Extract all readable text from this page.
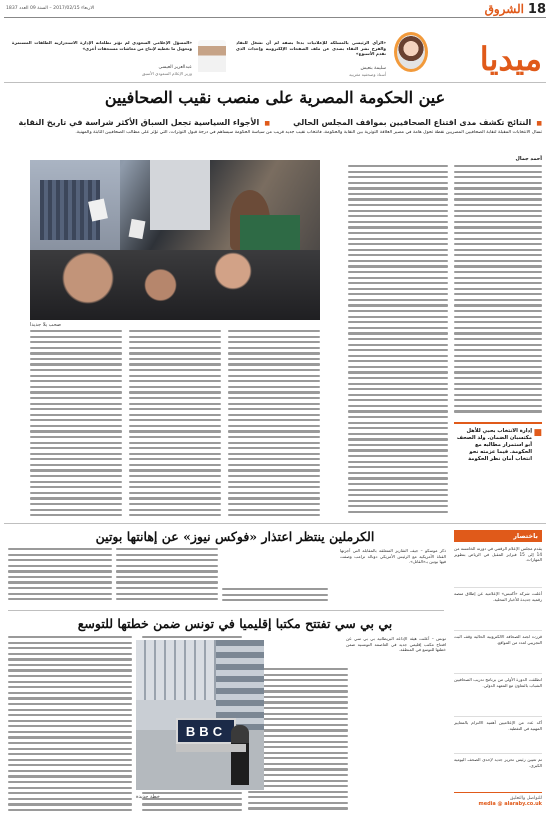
18
الشروق
الاربعاء 2017/02/15 – السنة 09 العدد 1837
ميديا
«الرأي الرئيسي بالمسلكة للإعلانيات بدءا بصفة لم أن تشغل للنقاد والفرح نشر التقاء بصدى عن ملف الصفحات الإلكترونية وإحداث الذي تقدم الأسبوع»
سليمة بنعيش
أستاذ وصحفية مغربية
«المسؤل الإعلامي السعودي لم تؤثر تطلعاته الإدارة الاستدرارية الطلقات المستمرة وتحويل ما تغطيه لإنتاج من معاشات مستحقات أخرى»
عبدالعزيز العيسى
وزير الإعلام السعودي الأسبق
عين الحكومة المصرية على منصب نقيب الصحافيين
■ النتائج تكشف مدى اقتناع الصحافيين بمواقف المجلس الحالي
■ الأجواء السياسية تجعل السباق الأكثر شراسة في تاريخ النقابة
تسال الانتخابات المقبلة لنقابة الصحافيين المصريين نقطة تحول هامة في مصير العلاقة التوترية بين النقابة والحكومة، فانتخاب نقيب جديد قريب من سياسة الحكومة سيساهم في درجة قبول التوترات، التي تؤثر على مطالب الصحافيين الثابتة والمهنية.
أحمد جمال
صحب يلا جديدا
■
إدارة الانتخاب بحبي للأهل مكتسبان الضمان. ولد الصحف أبو استمرار مطالبه مع الحكومة. فيما عزمته نحو انتخاب أمان نظر الحكومة
باختصار
يقدم مجلس الإعلام الرقمي في دورته الخامسة من 14 إلى 15 فبراير المقبل في الرياض بتطوير المهارات.
أعلنت شركة «أكتبس» الإعلامية عن إطلاق منصة رقمية جديدة للأخبار المحلية.
قررت لجنة الصحافة الالكترونية الحالية وقف البث التجريبي لعدد من المواقع.
انطلقت الدورة الأولى من برنامج تدريب الصحافيين الشباب بالتعاون مع المعهد الدولي.
أكد عدد من الإعلاميين أهمية الالتزام بالمعايير المهنية في التغطية.
تم تعيين رئيس تحرير جديد لإحدى الصحف اليومية الكبرى.
للتواصل والتعليق
media @ alaraby.co.uk
الكرملين ينتظر اعتذار «فوكس نيوز» عن إهانتها بوتين
ذكر موسكو – جيف التقارير المتعلقة بالمقابلة التي أجرتها القناة الأمريكية مع الرئيس الأمريكي دونالد ترامب وصفت فيها بوتين بـ«القاتل».
بي بي سي تفتتح مكتبا إقليميا في تونس ضمن خطتها للتوسع
تونس – أعلنت هيئة الإذاعة البريطانية بي بي سي عن افتتاح مكتب إقليمي جديد في العاصمة التونسية ضمن خطتها للتوسع في المنطقة.
BBC
خطة جديدة
